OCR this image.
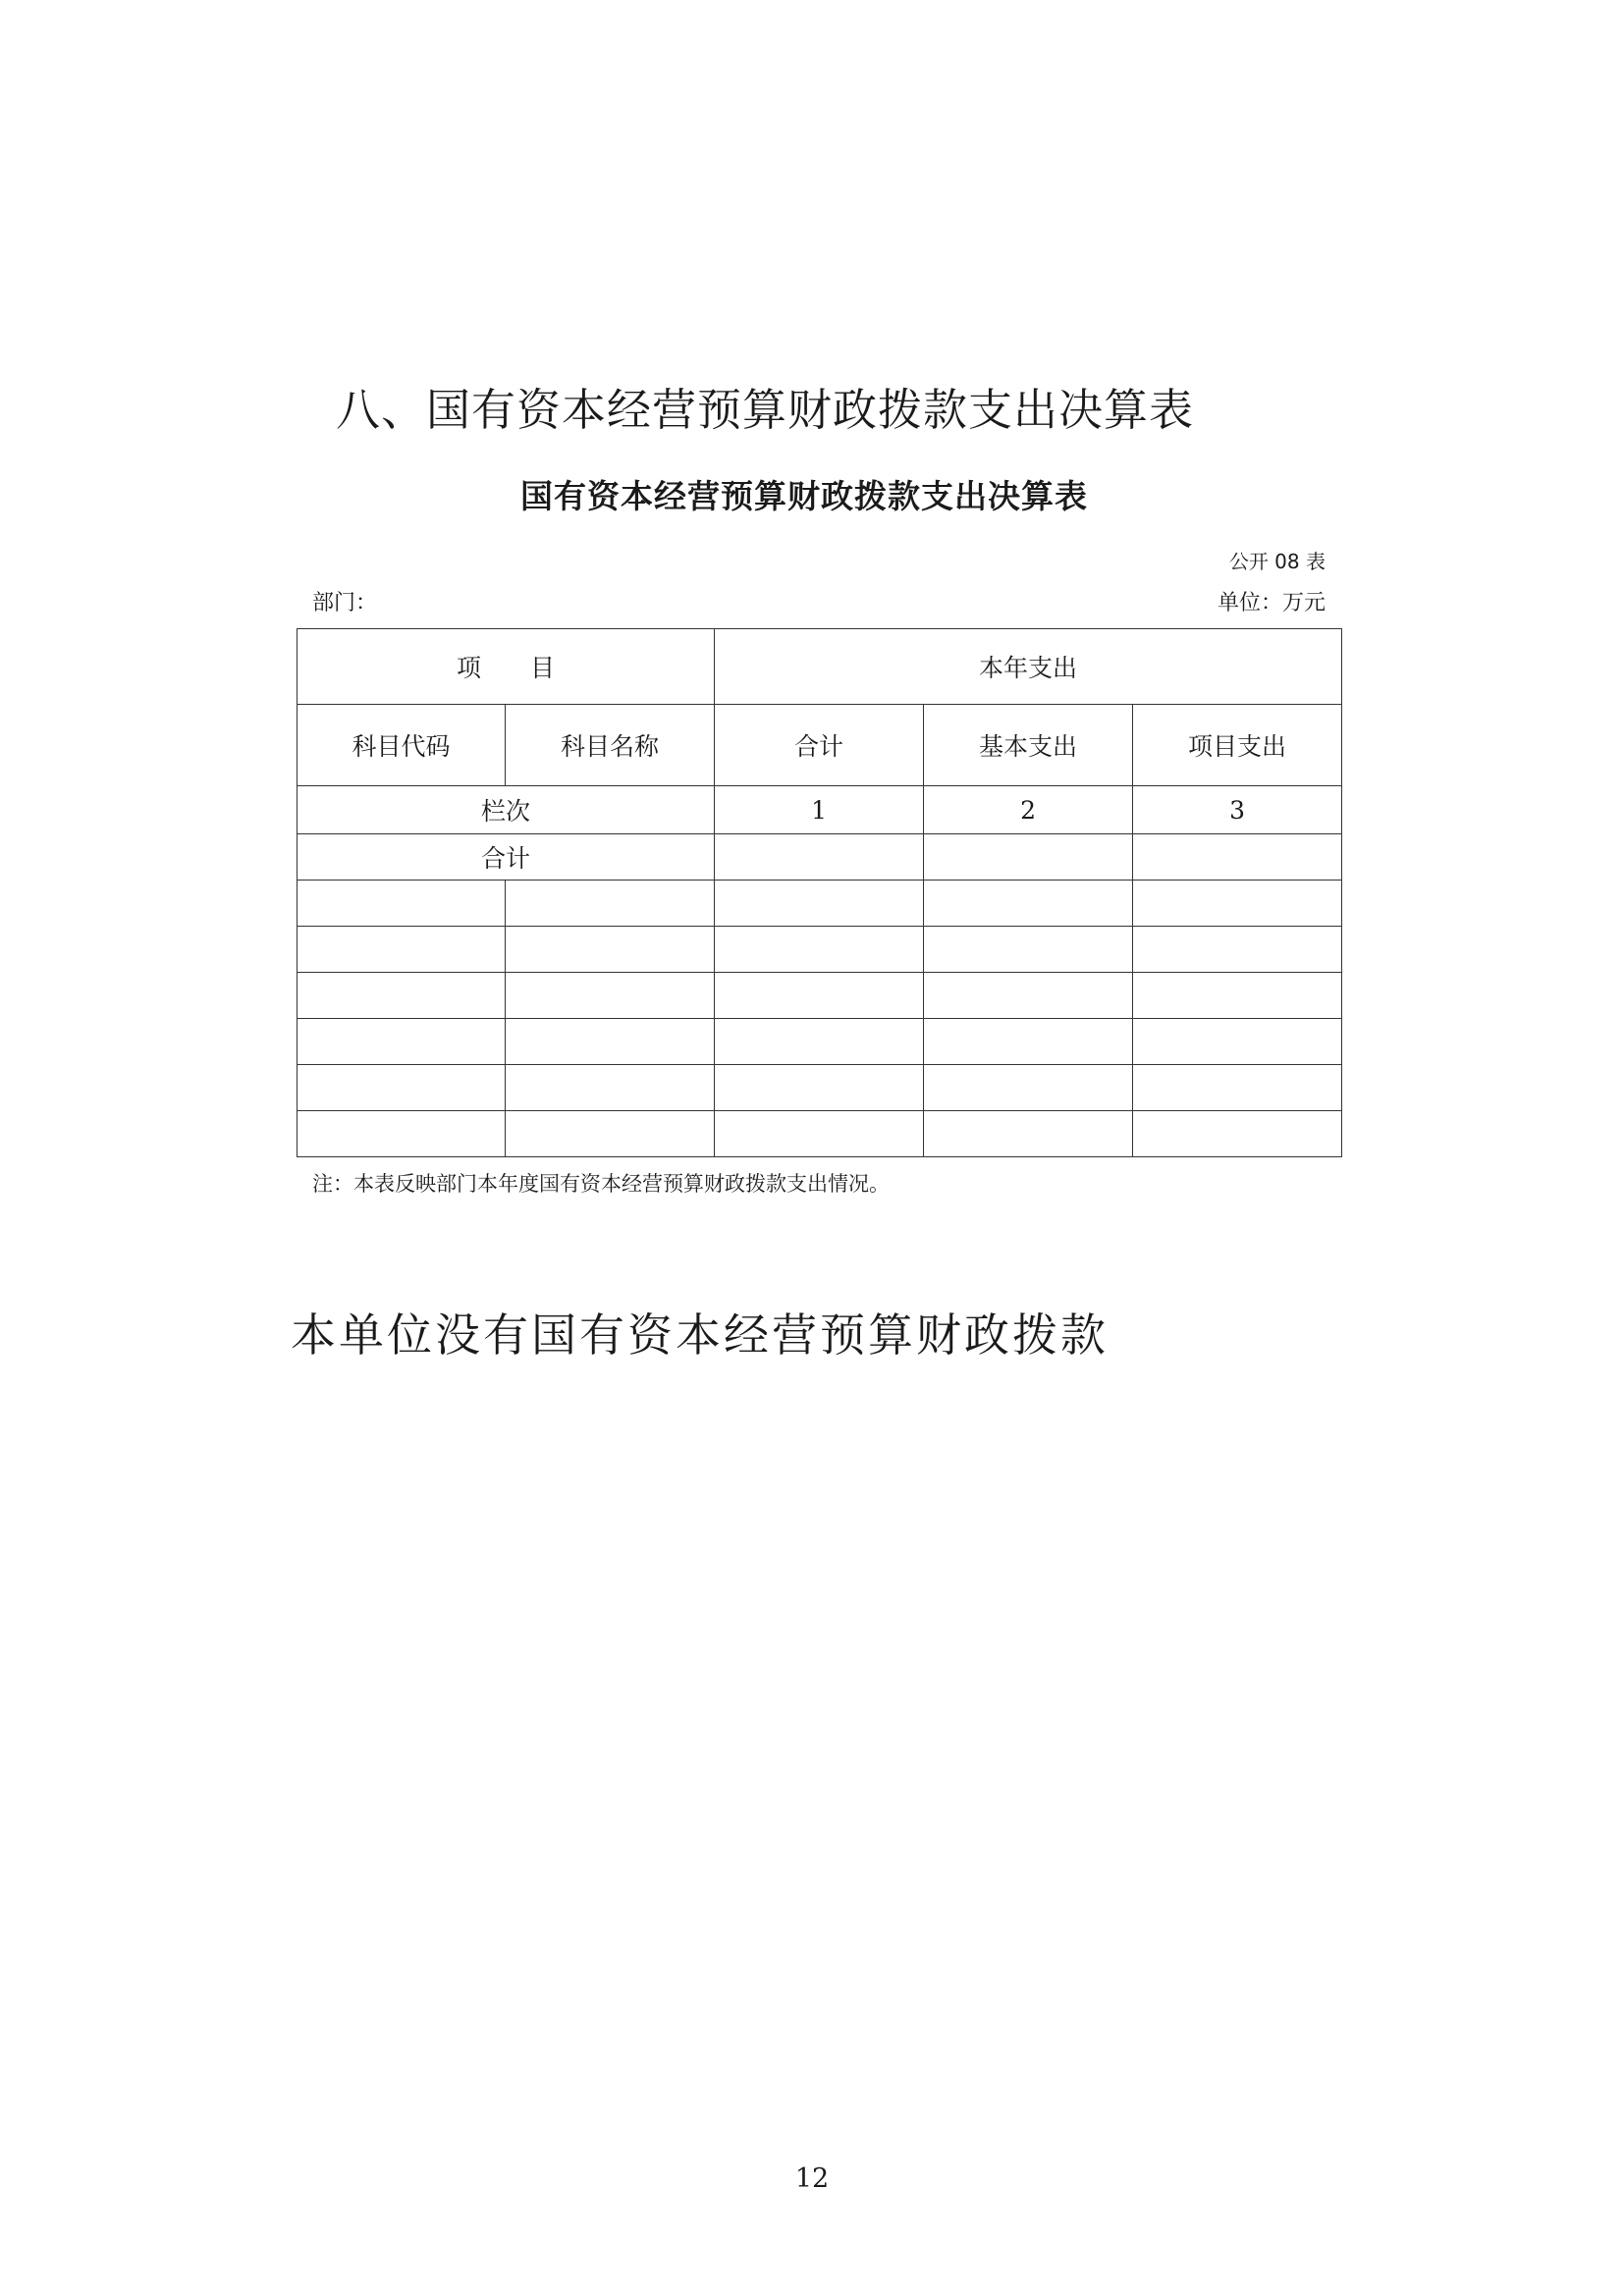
八、国有资本经营预算财政拨款支出决算表
国有资本经营预算财政拨款支出决算表
公开 08 表
部门：	单位：万元
项　　目		本年支出		
科目代码	科目名称	合计	基本支出	项目支出
栏次		1	2	3
合计				

注：本表反映部门本年度国有资本经营预算财政拨款支出情况。
本单位没有国有资本经营预算财政拨款
12
